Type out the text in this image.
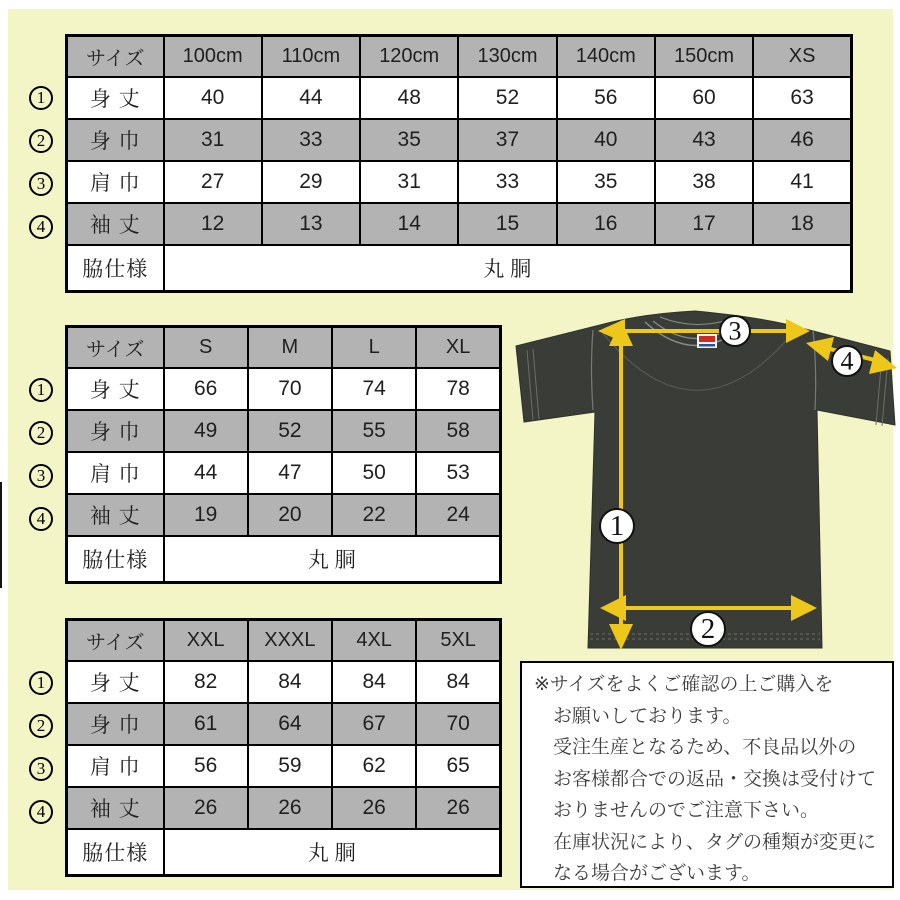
3
4
1
2
※サイズをよくご確認の上ご購入を
お願いしております。
受注生産となるため、不良品以外の
お客様都合での返品・交換は受付けて
おりませんのでご注意下さい。
在庫状況により、タグの種類が変更に
なる場合がございます。
1
2
3
4
サイズ	100cm	110cm	120cm	130cm	140cm	150cm	XS
身 丈	40	44	48	52	56	60	63
身 巾	31	33	35	37	40	43	46
肩 巾	27	29	31	33	35	38	41
袖 丈	12	13	14	15	16	17	18
脇仕様	丸 胴						
1
2
3
4
サイズ	S	M	L	XL
身 丈	66	70	74	78
身 巾	49	52	55	58
肩 巾	44	47	50	53
袖 丈	19	20	22	24
脇仕様	丸 胴			
1
2
3
4
サイズ	XXL	XXXL	4XL	5XL
身 丈	82	84	84	84
身 巾	61	64	67	70
肩 巾	56	59	62	65
袖 丈	26	26	26	26
脇仕様	丸 胴			
